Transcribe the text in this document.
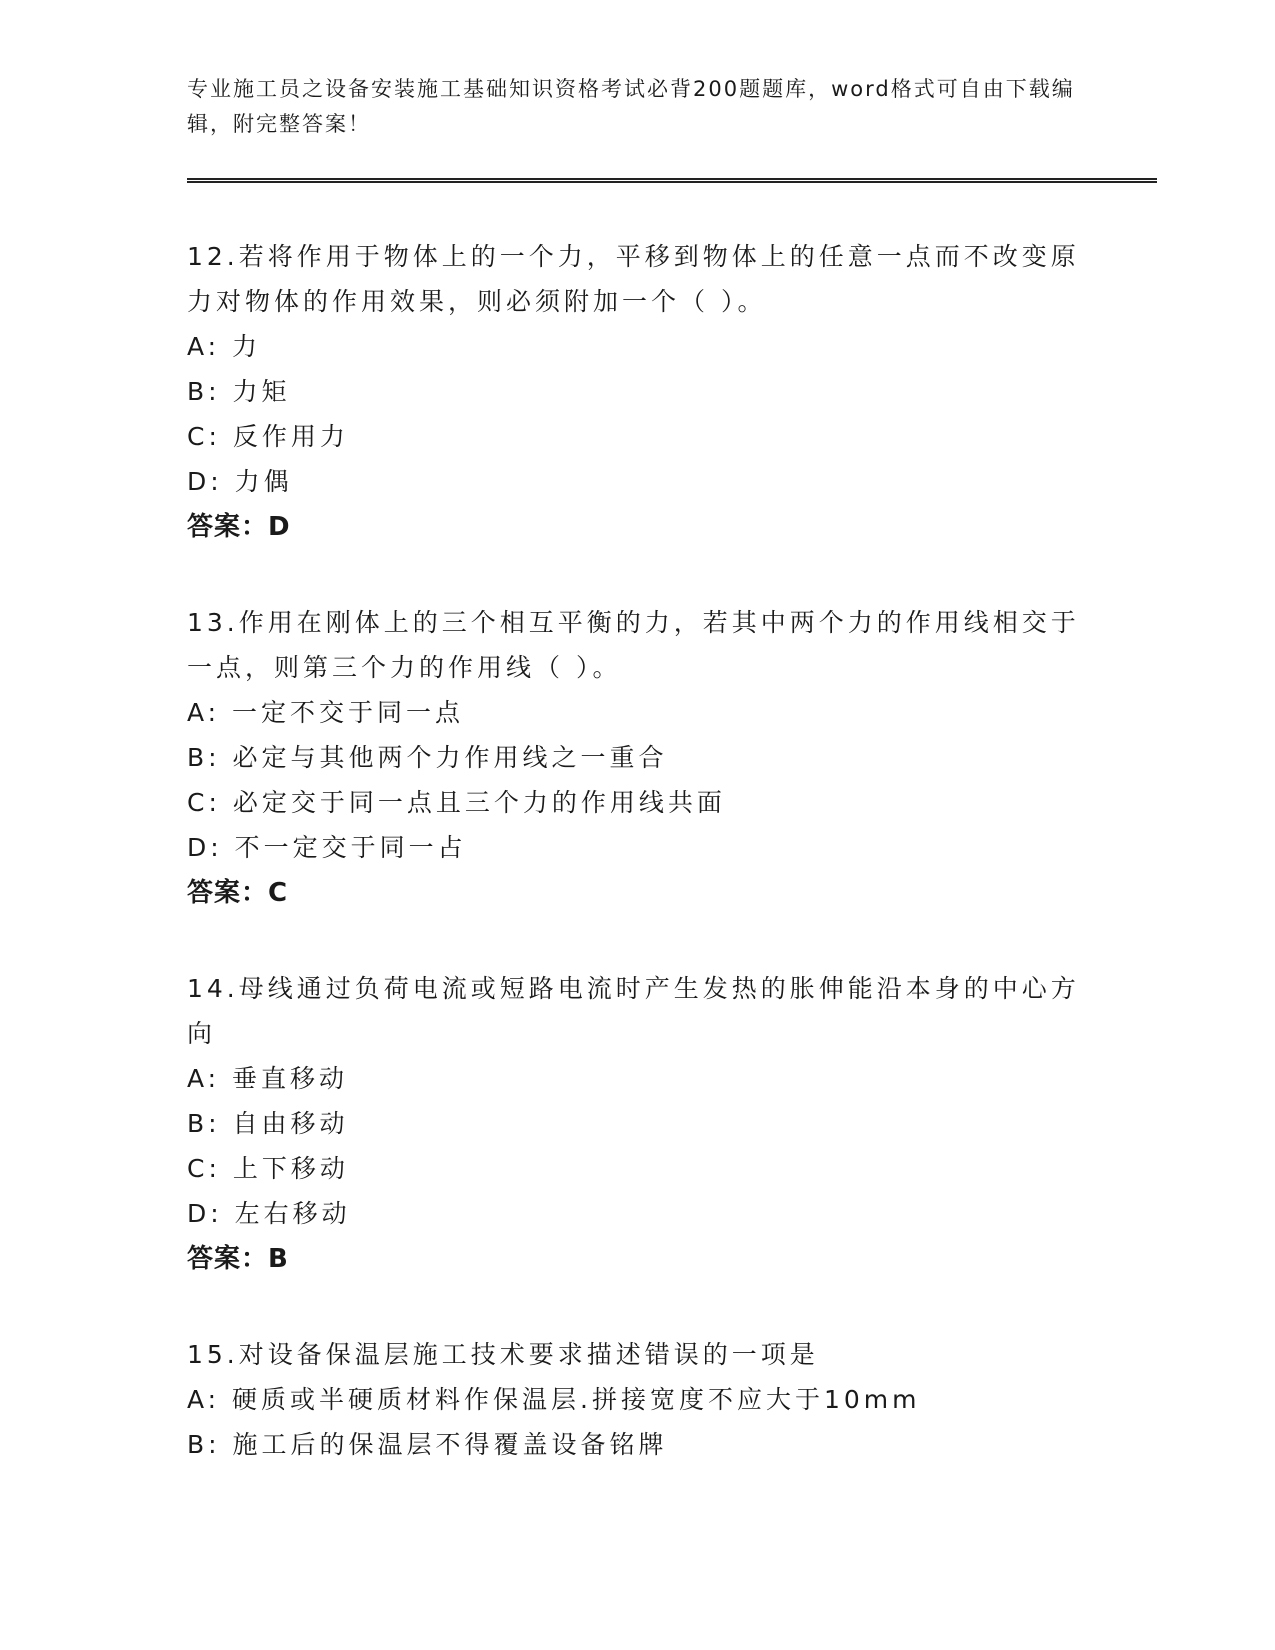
专业施工员之设备安装施工基础知识资格考试必背200题题库，word格式可自由下载编辑，附完整答案！

12.若将作用于物体上的一个力，平移到物体上的任意一点而不改变原力对物体的作用效果，则必须附加一个（ ）。

A: 力

B: 力矩

C: 反作用力

D: 力偶

答案：D

13.作用在刚体上的三个相互平衡的力，若其中两个力的作用线相交于一点，则第三个力的作用线（ ）。

A: 一定不交于同一点

B: 必定与其他两个力作用线之一重合

C: 必定交于同一点且三个力的作用线共面

D: 不一定交于同一占

答案：C

14.母线通过负荷电流或短路电流时产生发热的胀伸能沿本身的中心方向

A: 垂直移动

B: 自由移动

C: 上下移动

D: 左右移动

答案：B

15.对设备保温层施工技术要求描述错误的一项是

A: 硬质或半硬质材料作保温层.拼接宽度不应大于10mm

B: 施工后的保温层不得覆盖设备铭牌
